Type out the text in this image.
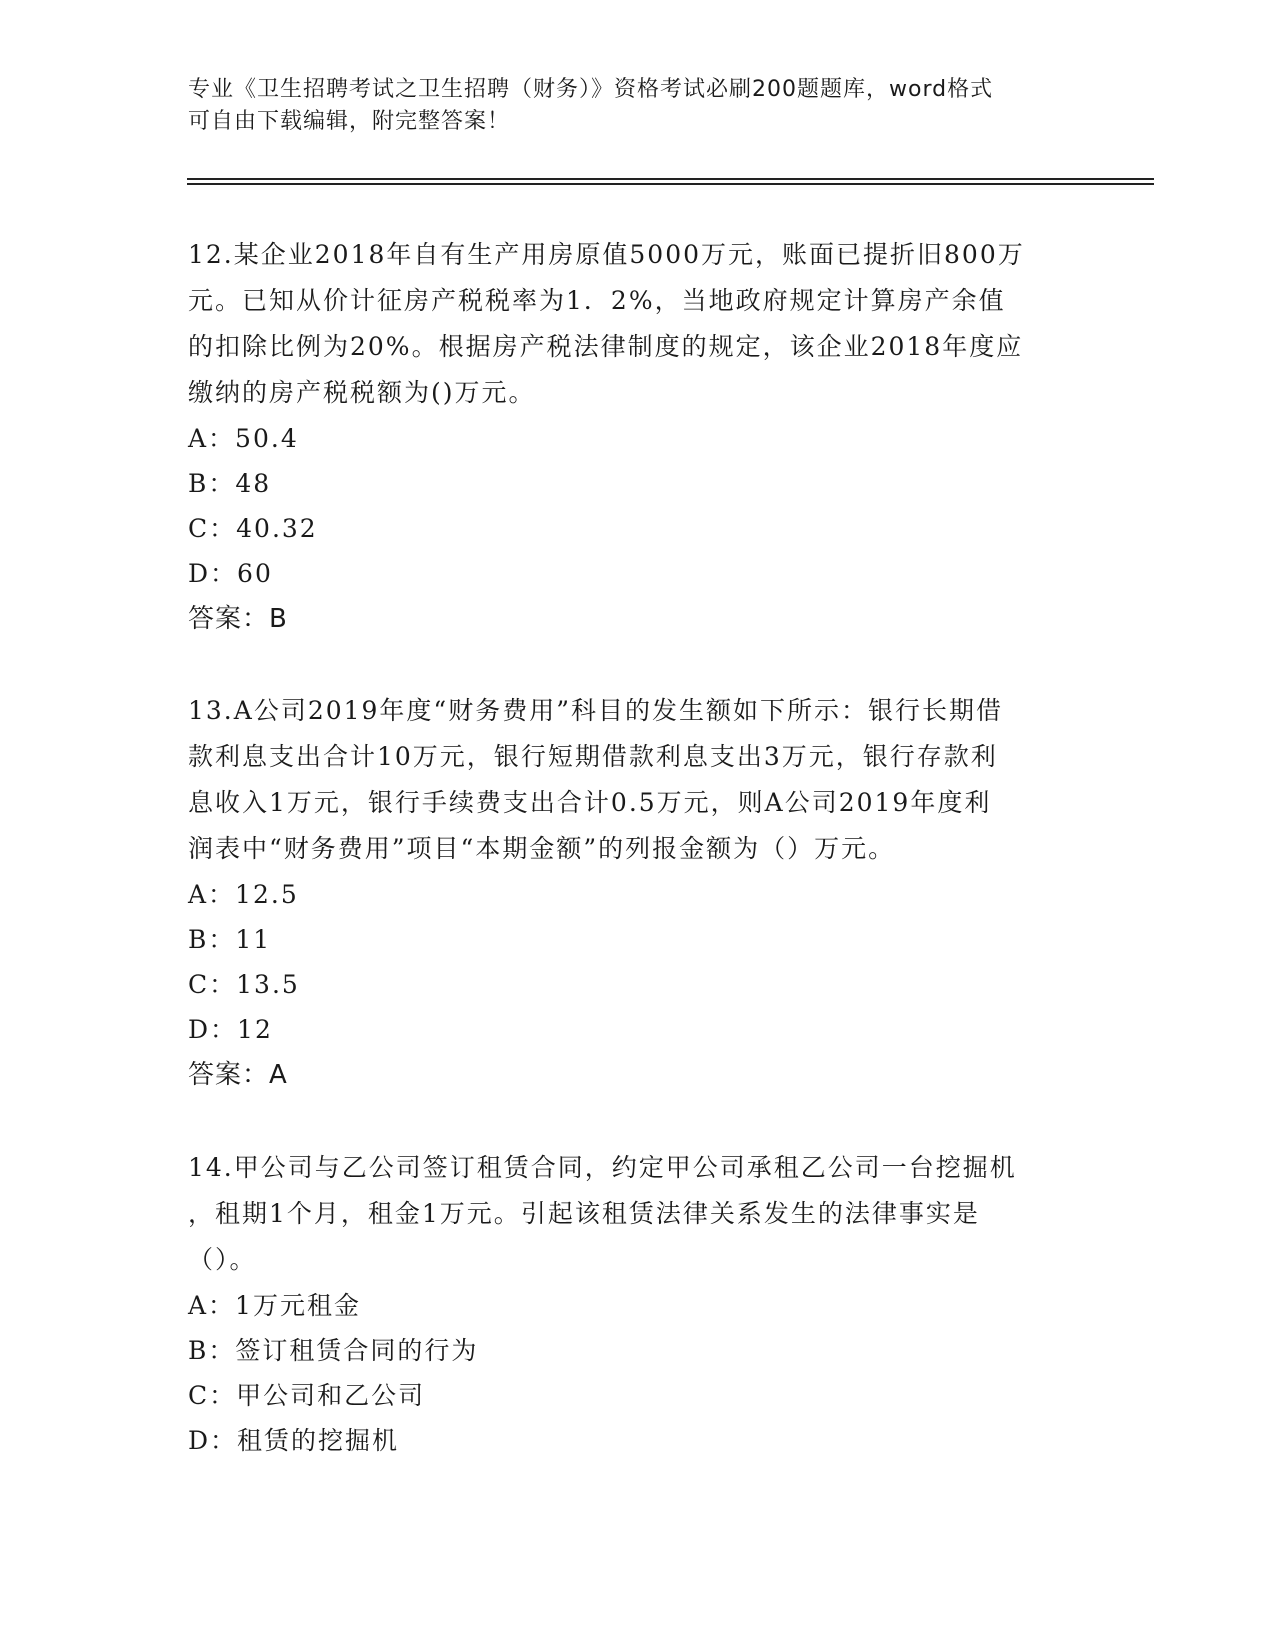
专业《卫生招聘考试之卫生招聘（财务）》资格考试必刷200题题库，word格式
可自由下载编辑，附完整答案！
12.某企业2018年自有生产用房原值5000万元，账面已提折旧800万
元。已知从价计征房产税税率为1．2%，当地政府规定计算房产余值
的扣除比例为20%。根据房产税法律制度的规定，该企业2018年度应
缴纳的房产税税额为()万元。
A：50.4
B：48
C：40.32
D：60
答案：B
13.A公司2019年度“财务费用”科目的发生额如下所示：银行长期借
款利息支出合计10万元，银行短期借款利息支出3万元，银行存款利
息收入1万元，银行手续费支出合计0.5万元，则A公司2019年度利
润表中“财务费用”项目“本期金额”的列报金额为（）万元。
A：12.5
B：11
C：13.5
D：12
答案：A
14.甲公司与乙公司签订租赁合同，约定甲公司承租乙公司一台挖掘机
，租期1个月，租金1万元。引起该租赁法律关系发生的法律事实是
（）。
A：1万元租金
B：签订租赁合同的行为
C：甲公司和乙公司
D：租赁的挖掘机
